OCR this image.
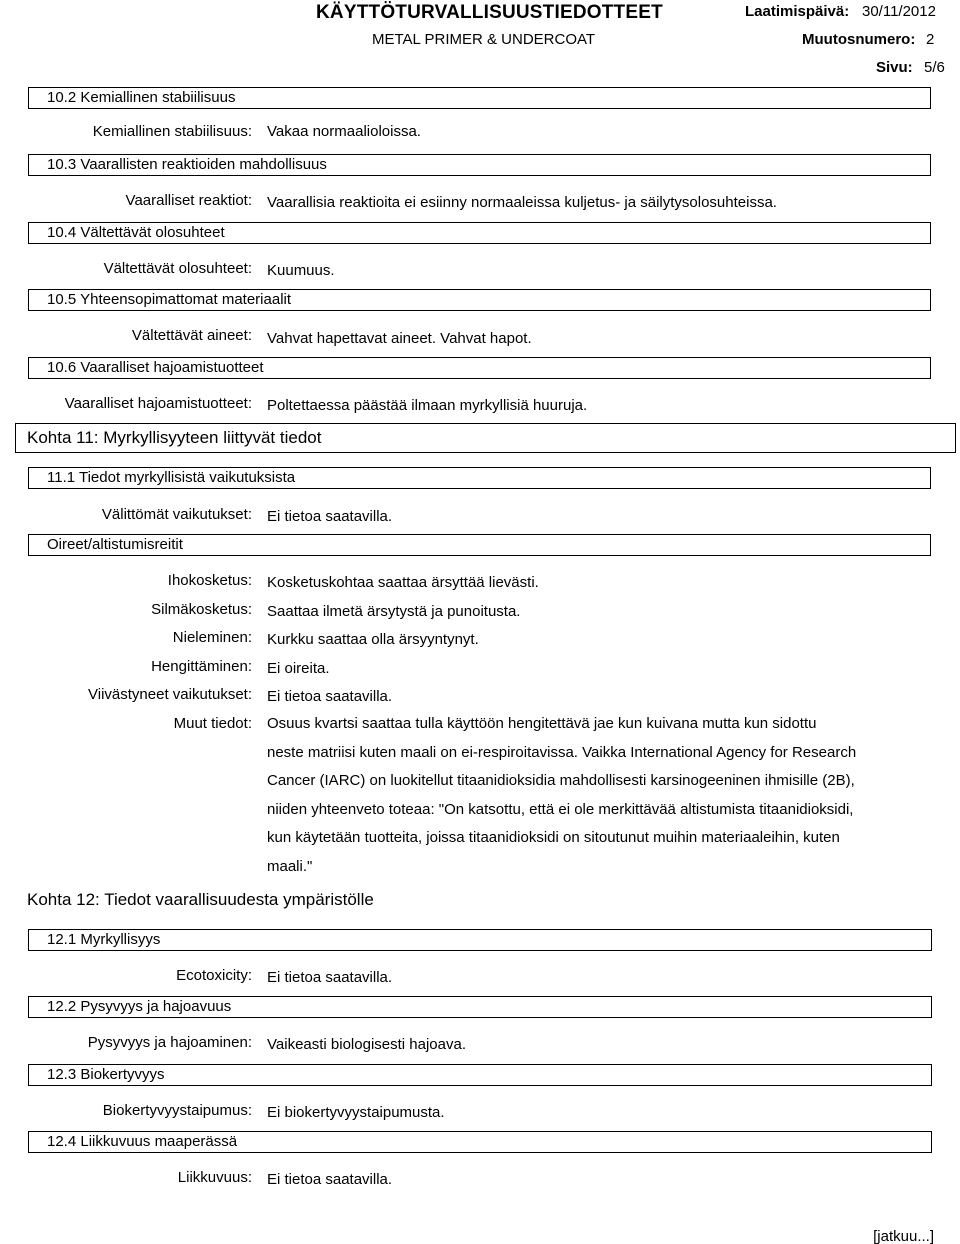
KÄYTTÖTURVALLISUUSTIEDOTTEET
METAL PRIMER & UNDERCOAT
Laatimispäivä: 30/11/2012
Muutosnumero: 2
Sivu: 5/6
10.2 Kemiallinen stabiilisuus
Kemiallinen stabiilisuus: Vakaa normaalioloissa.
10.3 Vaarallisten reaktioiden mahdollisuus
Vaaralliset reaktiot: Vaarallisia reaktioita ei esiinny normaaleissa kuljetus- ja säilytysolosuhteissa.
10.4 Vältettävät olosuhteet
Vältettävät olosuhteet: Kuumuus.
10.5 Yhteensopimattomat materiaalit
Vältettävät aineet: Vahvat hapettavat aineet. Vahvat hapot.
10.6 Vaaralliset hajoamistuotteet
Vaaralliset hajoamistuotteet: Poltettaessa päästää ilmaan myrkyllisiä huuruja.
Kohta 11: Myrkyllisyyteen liittyvät tiedot
11.1 Tiedot myrkyllisistä vaikutuksista
Välittömät vaikutukset: Ei tietoa saatavilla.
Oireet/altistumisreitit
Ihokosketus: Kosketuskohtaa saattaa ärsyttää lievästi.
Silmäkosketus: Saattaa ilmetä ärsytystä ja punoitusta.
Nieleminen: Kurkku saattaa olla ärsyyntynyt.
Hengittäminen: Ei oireita.
Viivästyneet vaikutukset: Ei tietoa saatavilla.
Muut tiedot: Osuus kvartsi saattaa tulla käyttöön hengitettävä jae kun kuivana mutta kun sidottu neste matriisi kuten maali on ei-respiroitavissa. Vaikka International Agency for Research Cancer (IARC) on luokitellut titaanidioksidia mahdollisesti karsinogeeninen ihmisille (2B), niiden yhteenveto toteaa: "On katsottu, että ei ole merkittävää altistumista titaanidioksidi, kun käytetään tuotteita, joissa titaanidioksidi on sitoutunut muihin materiaaleihin, kuten maali."
Kohta 12: Tiedot vaarallisuudesta ympäristölle
12.1 Myrkyllisyys
Ecotoxicity: Ei tietoa saatavilla.
12.2 Pysyvyys ja hajoavuus
Pysyvyys ja hajoaminen: Vaikeasti biologisesti hajoava.
12.3 Biokertyvyys
Biokertyvyystaipumus: Ei biokertyvyystaipumusta.
12.4 Liikkuvuus maaperässä
Liikkuvuus: Ei tietoa saatavilla.
[jatkuu...]
